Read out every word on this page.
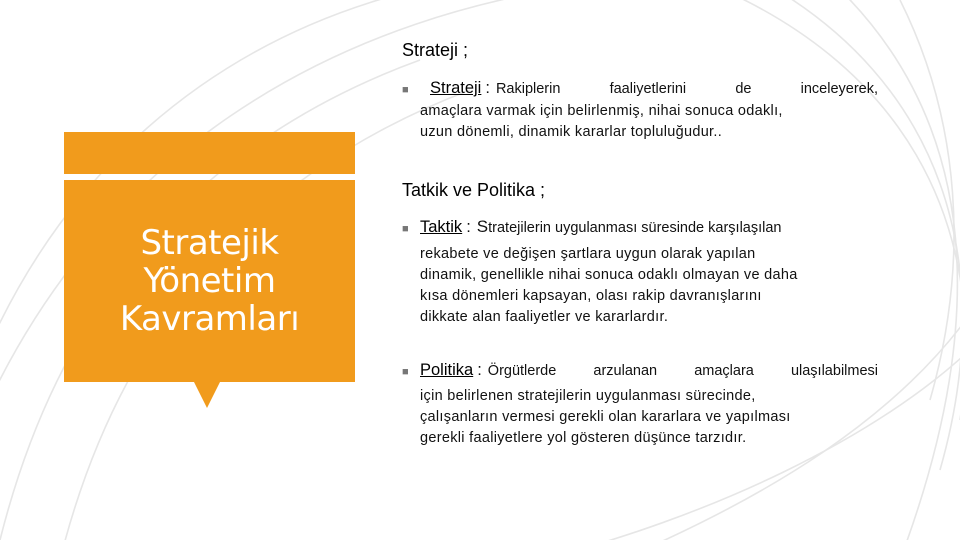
Stratejik
Yönetim
Kavramları
Strateji ;
■	Strateji : Rakiplerin faaliyetlerini de inceleyerek,
amaçlara varmak için belirlenmiş, nihai sonuca odaklı,
uzun dönemli, dinamik kararlar topluluğudur..
Tatkik ve Politika ;
■ Taktik : Stratejilerin uygulanması süresinde karşılaşılan
rekabete ve değişen şartlara uygun olarak yapılan
dinamik, genellikle nihai sonuca odaklı olmayan ve daha
kısa dönemleri kapsayan, olası rakip davranışlarını
dikkate alan faaliyetler ve kararlardır.
■ Politika : Örgütlerde arzulanan amaçlara ulaşılabilmesi
için belirlenen stratejilerin uygulanması sürecinde,
çalışanların vermesi gerekli olan kararlara ve yapılması
gerekli faaliyetlere yol gösteren düşünce tarzıdır.
